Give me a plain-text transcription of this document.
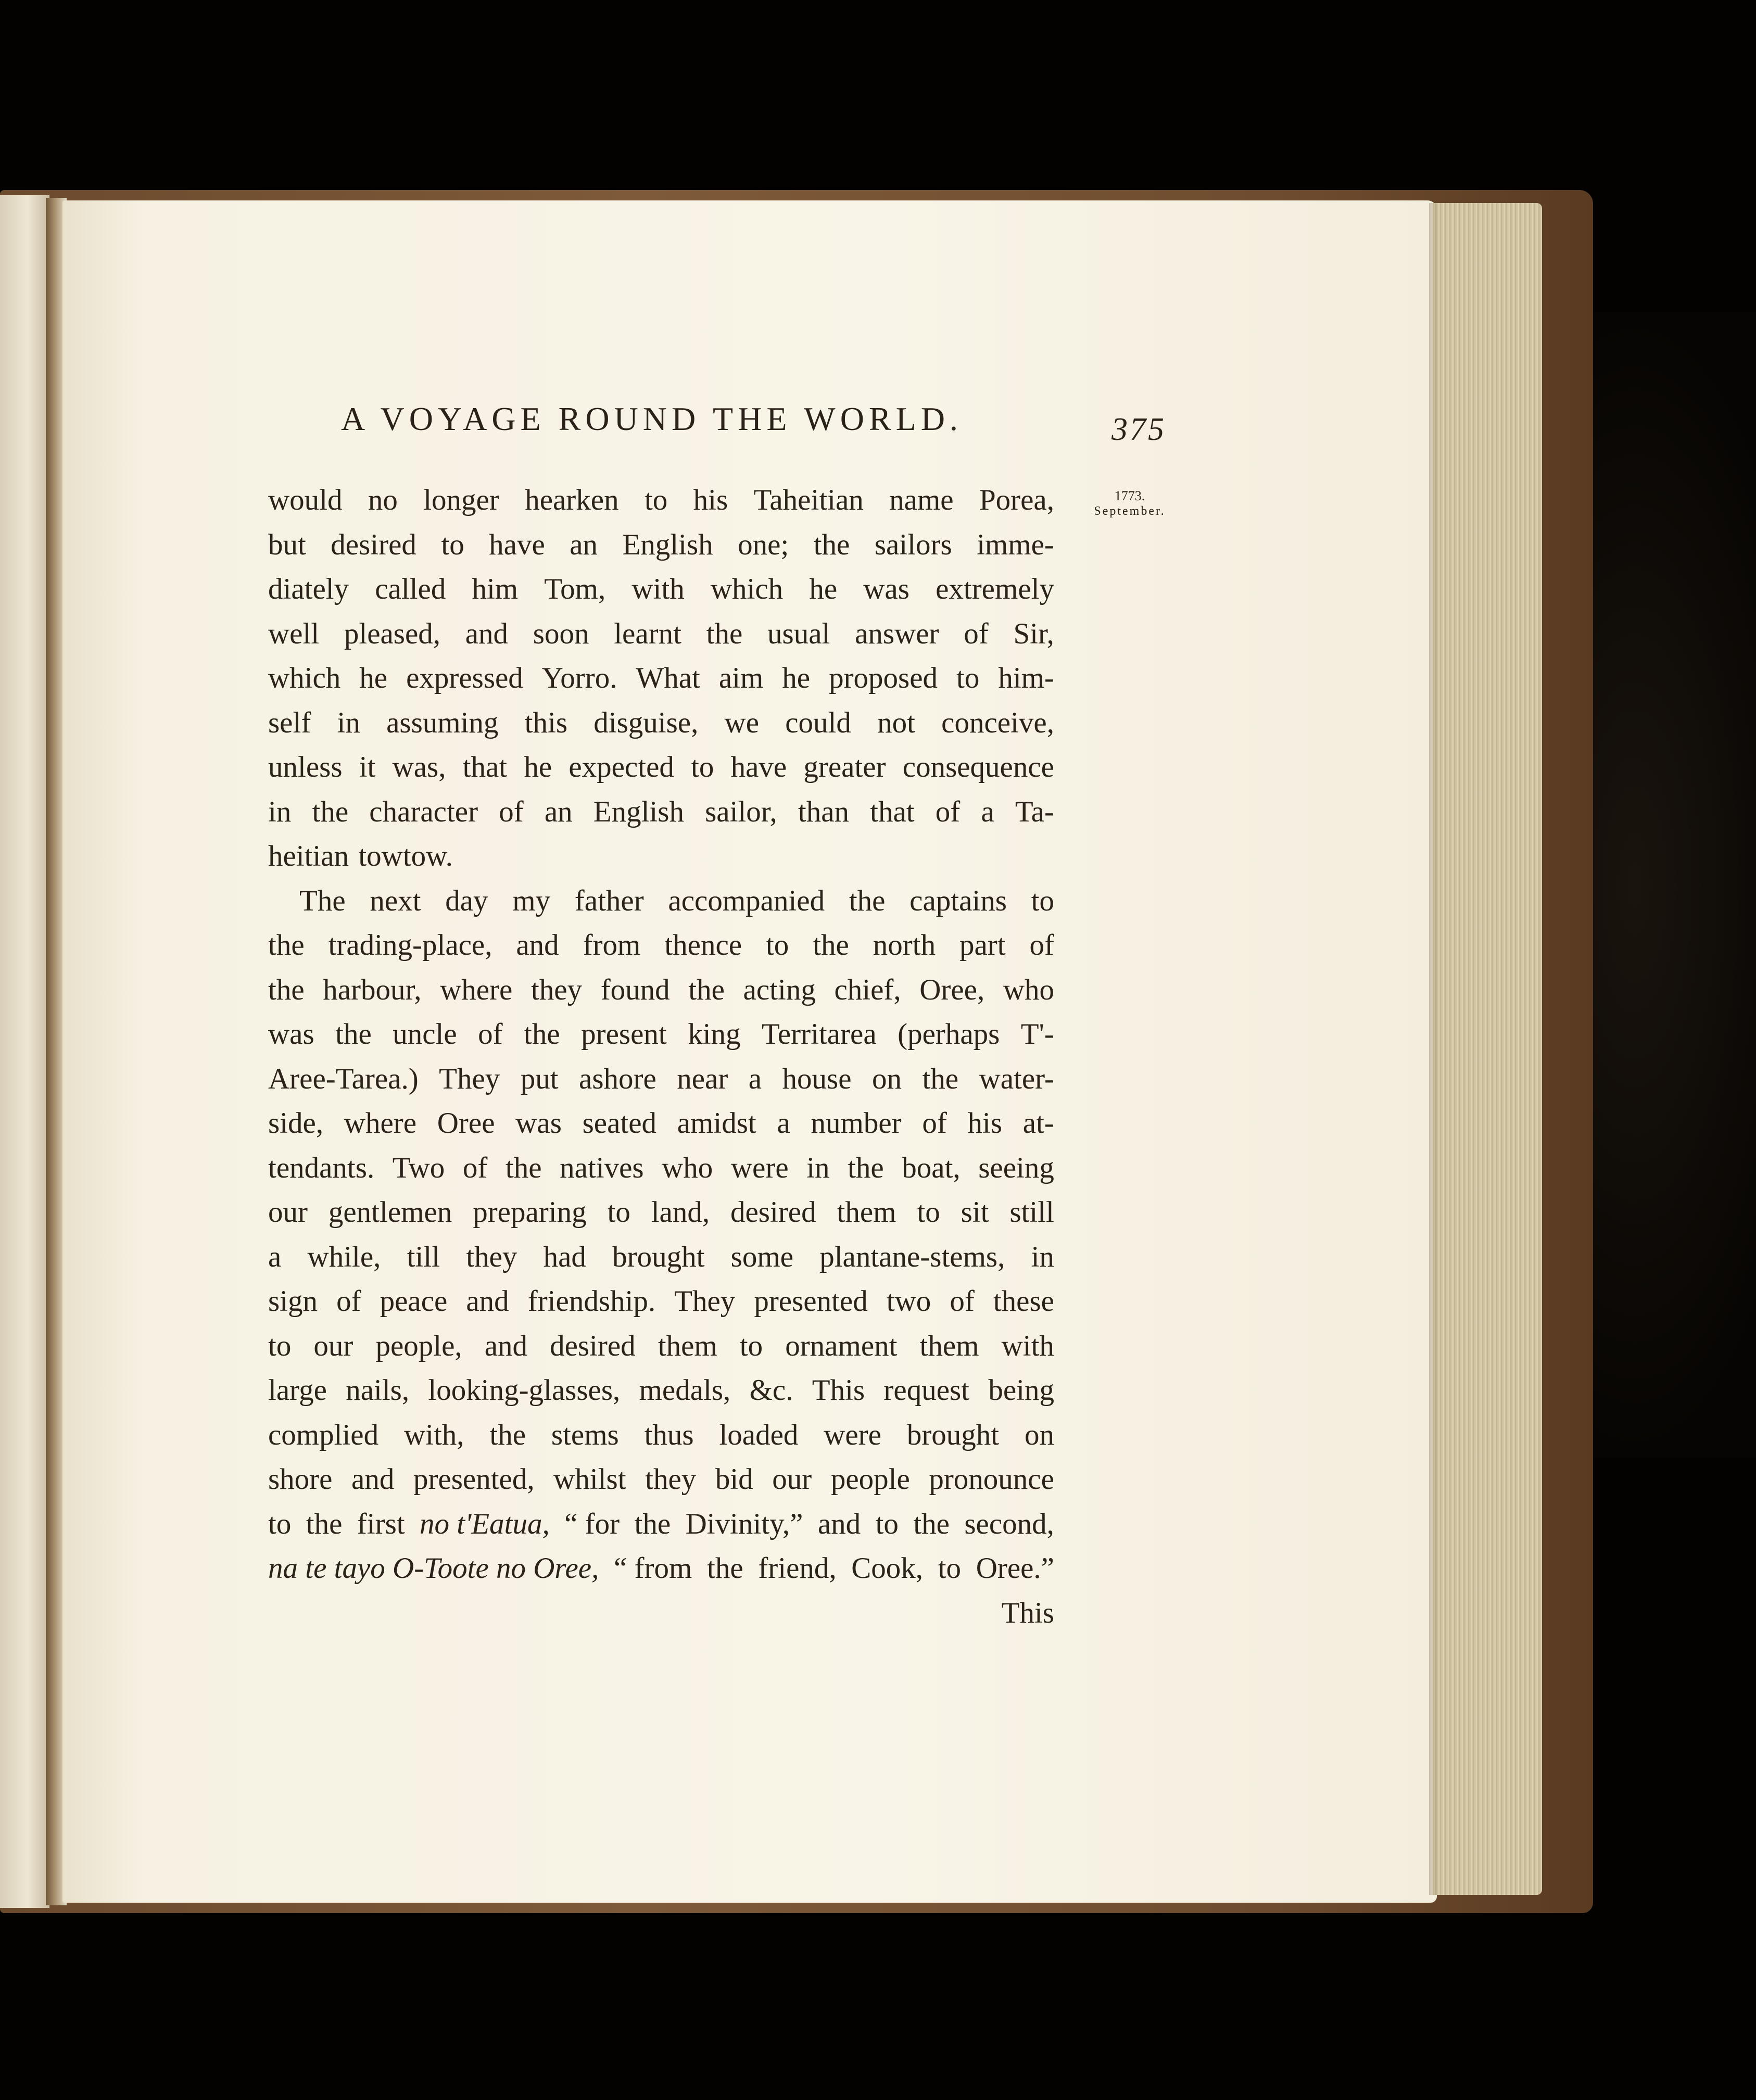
A VOYAGE ROUND THE WORLD.	375
1773.
September.
would no longer hearken to his Taheitian name Porea,
but desired to have an English one; the sailors imme-
diately called him Tom, with which he was extremely
well pleased, and soon learnt the usual answer of Sir,
which he expressed Yorro. What aim he proposed to him-
self in assuming this disguise, we could not conceive,
unless it was, that he expected to have greater consequence
in the character of an English sailor, than that of a Ta-
heitian towtow.
The next day my father accompanied the captains to
the trading-place, and from thence to the north part of
the harbour, where they found the acting chief, Oree, who
was the uncle of the present king Territarea (perhaps T'-
Aree-Tarea.) They put ashore near a house on the water-
side, where Oree was seated amidst a number of his at-
tendants. Two of the natives who were in the boat, seeing
our gentlemen preparing to land, desired them to sit still
a while, till they had brought some plantane-stems, in
sign of peace and friendship. They presented two of these
to our people, and desired them to ornament them with
large nails, looking-glasses, medals, &c. This request being
complied with, the stems thus loaded were brought on
shore and presented, whilst they bid our people pronounce
to the first no t'Eatua, “ for the Divinity,” and to the second,
na te tayo O-Toote no Oree, “ from the friend, Cook, to Oree.”
This
